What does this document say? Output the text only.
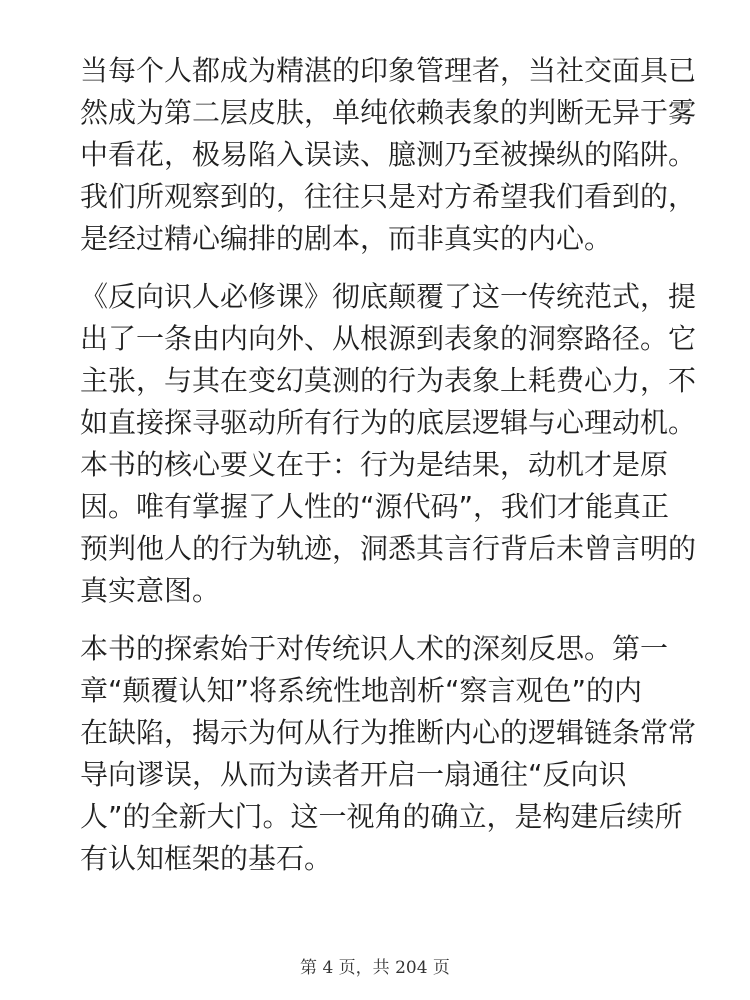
当每个人都成为精湛的印象管理者，当社交面具已
然成为第二层皮肤，单纯依赖表象的判断无异于雾
中看花，极易陷入误读、臆测乃至被操纵的陷阱。
我们所观察到的，往往只是对方希望我们看到的，
是经过精心编排的剧本，而非真实的内心。
《反向识人必修课》彻底颠覆了这一传统范式，提
出了一条由内向外、从根源到表象的洞察路径。它
主张，与其在变幻莫测的行为表象上耗费心力，不
如直接探寻驱动所有行为的底层逻辑与心理动机。
本书的核心要义在于：行为是结果，动机才是原
因。唯有掌握了人性的“源代码”，我们才能真正
预判他人的行为轨迹，洞悉其言行背后未曾言明的
真实意图。
本书的探索始于对传统识人术的深刻反思。第一
章“颠覆认知”将系统性地剖析“察言观色”的内
在缺陷，揭示为何从行为推断内心的逻辑链条常常
导向谬误，从而为读者开启一扇通往“反向识
人”的全新大门。这一视角的确立，是构建后续所
有认知框架的基石。
第 4 页，共 204 页
